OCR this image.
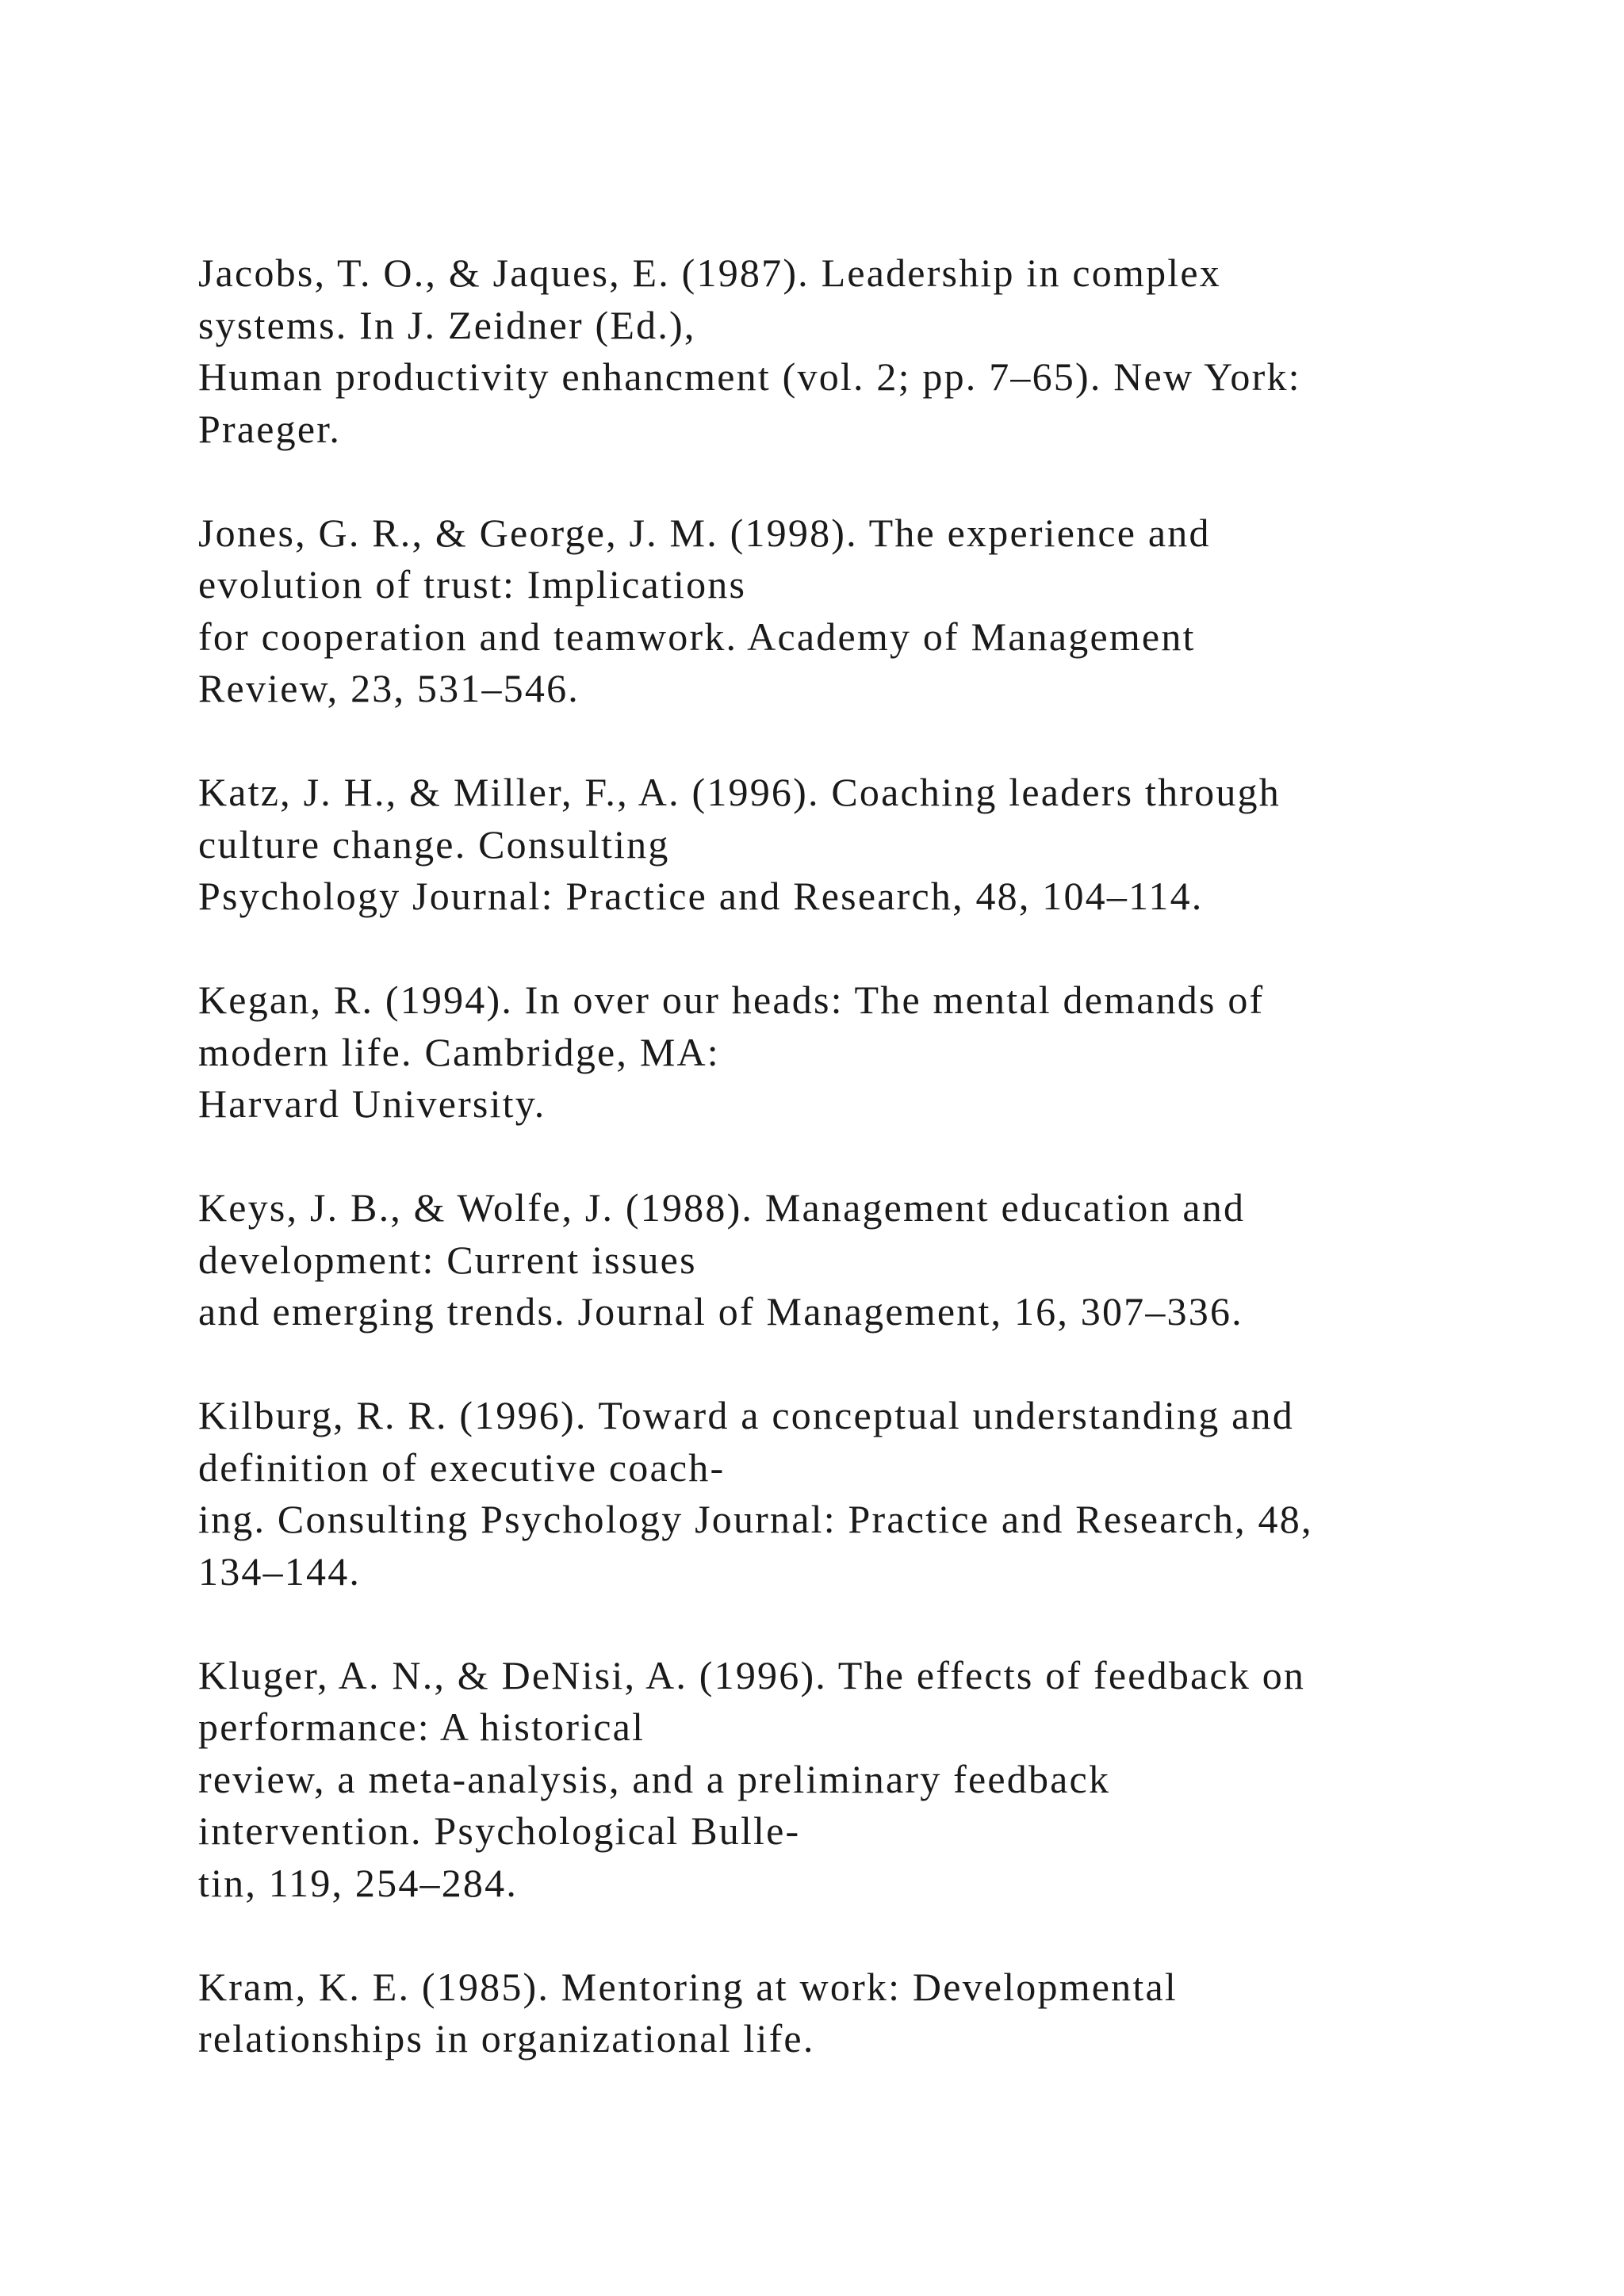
Jacobs, T. O., & Jaques, E. (1987). Leadership in complex
systems. In J. Zeidner (Ed.),
Human productivity enhancment (vol. 2; pp. 7–65). New York:
Praeger.
Jones, G. R., & George, J. M. (1998). The experience and
evolution of trust: Implications
for cooperation and teamwork. Academy of Management
Review, 23, 531–546.
Katz, J. H., & Miller, F., A. (1996). Coaching leaders through
culture change. Consulting
Psychology Journal: Practice and Research, 48, 104–114.
Kegan, R. (1994). In over our heads: The mental demands of
modern life. Cambridge, MA:
Harvard University.
Keys, J. B., & Wolfe, J. (1988). Management education and
development: Current issues
and emerging trends. Journal of Management, 16, 307–336.
Kilburg, R. R. (1996). Toward a conceptual understanding and
definition of executive coach-
ing. Consulting Psychology Journal: Practice and Research, 48,
134–144.
Kluger, A. N., & DeNisi, A. (1996). The effects of feedback on
performance: A historical
review, a meta-analysis, and a preliminary feedback
intervention. Psychological Bulle-
tin, 119, 254–284.
Kram, K. E. (1985). Mentoring at work: Developmental
relationships in organizational life.
